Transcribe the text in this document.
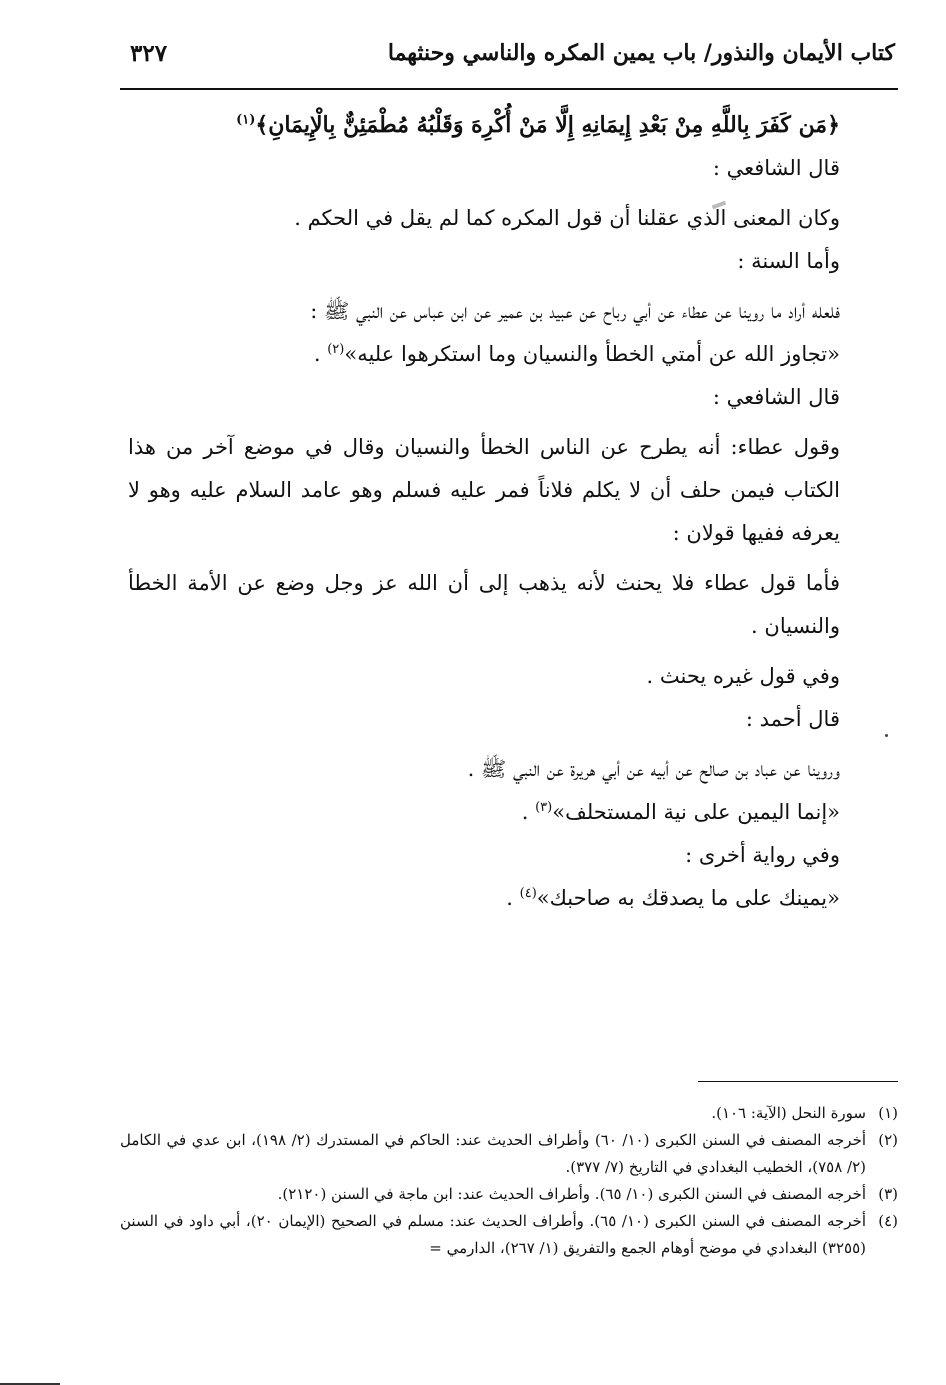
كتاب الأيمان والنذور/ باب يمين المكره والناسي وحنثهما
٣٢٧

﴿مَن كَفَرَ بِاللَّهِ مِنْ بَعْدِ إِيمَانِهِ إِلَّا مَنْ أُكْرِهَ وَقَلْبُهُ مُطْمَئِنٌّ بِالْإِيمَانِ﴾$^{(١)}$

قال الشافعي :

وكان المعنى الذي عقلنا أن قول المكره كما لم يقل في الحكم .

وأما السنة :

فلعله أراد ما روينا عن عطاء عن أبي رباح عن عبيد بن عمير عن ابن عباس عن النبي ﷺ :

«تجاوز الله عن أمتي الخطأ والنسيان وما استكرهوا عليه»$^{(٢)}$ .

قال الشافعي :

وقول عطاء: أنه يطرح عن الناس الخطأ والنسيان وقال في موضع آخر من هذا الكتاب فيمن حلف أن لا يكلم فلاناً فمر عليه فسلم وهو عامد السلام عليه وهو لا يعرفه ففيها قولان :

فأما قول عطاء فلا يحنث لأنه يذهب إلى أن الله عز وجل وضع عن الأمة الخطأ والنسيان .

وفي قول غيره يحنث .

قال أحمد :

وروينا عن عباد بن صالح عن أبيه عن أبي هريرة عن النبي ﷺ .

«إنما اليمين على نية المستحلف»$^{(٣)}$ .

وفي رواية أخرى :

«يمينك على ما يصدقك به صاحبك»$^{(٤)}$ .

(١)
سورة النحل (الآية: ١٠٦).

(٢)
أخرجه المصنف في السنن الكبرى (١٠/ ٦٠) وأطراف الحديث عند: الحاكم في المستدرك (٢/ ١٩٨)، ابن عدي في الكامل (٢/ ٧٥٨)، الخطيب البغدادي في التاريخ (٧/ ٣٧٧).

(٣)
أخرجه المصنف في السنن الكبرى (١٠/ ٦٥). وأطراف الحديث عند: ابن ماجة في السنن (٢١٢٠).

(٤)
أخرجه المصنف في السنن الكبرى (١٠/ ٦٥). وأطراف الحديث عند: مسلم في الصحيح (الإيمان ٢٠)، أبي داود في السنن (٣٢٥٥) البغدادي في موضح أوهام الجمع والتفريق (١/ ٢٦٧)، الدارمي =
